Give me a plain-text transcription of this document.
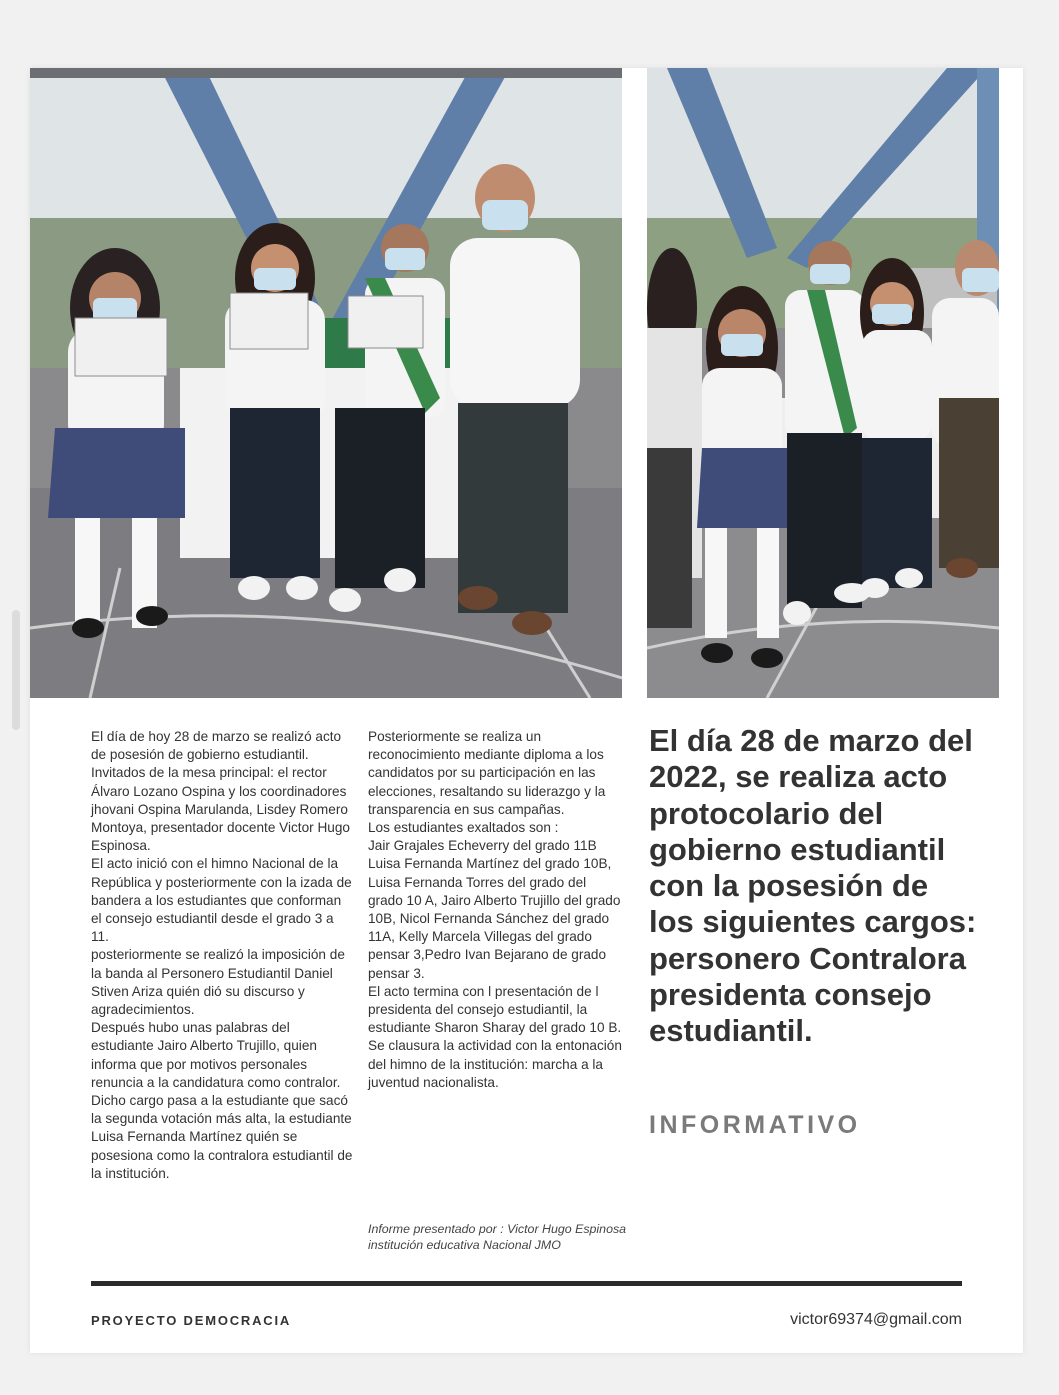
El día de hoy 28 de marzo se realizó acto de posesión de gobierno estudiantil. Invitados de la mesa principal: el rector Álvaro Lozano Ospina y los coordinadores jhovani Ospina Marulanda, Lisdey Romero Montoya, presentador docente Victor Hugo Espinosa.

El acto inició con el himno Nacional de la República y posteriormente con la izada de bandera a los estudiantes que conforman el consejo estudiantil desde el grado 3 a 11.

posteriormente se realizó la imposición de la banda al Personero Estudiantil Daniel Stiven Ariza quién dió su discurso y agradecimientos.

Después hubo unas palabras del estudiante Jairo Alberto Trujillo, quien informa que por motivos personales renuncia a la candidatura como contralor. Dicho cargo pasa a la estudiante que sacó la segunda votación más alta, la estudiante Luisa Fernanda Martínez quién se posesiona como la contralora estudiantil de la institución.

Posteriormente se realiza un reconocimiento mediante diploma a los candidatos por su participación en las elecciones, resaltando su liderazgo y la transparencia en sus campañas.

Los estudiantes exaltados son :

Jair Grajales Echeverry del grado 11B Luisa Fernanda Martínez del grado 10B, Luisa Fernanda Torres del grado del grado 10 A, Jairo Alberto Trujillo del grado 10B, Nicol Fernanda Sánchez del grado 11A, Kelly Marcela Villegas del grado pensar 3,Pedro Ivan Bejarano de grado pensar 3.

El acto termina con l presentación de l presidenta del consejo estudiantil, la estudiante Sharon Sharay del grado 10 B. Se clausura la actividad con la entonación del himno de la institución: marcha a la juventud nacionalista.

Informe presentado por : Victor Hugo Espinosa institución educativa Nacional JMO
El día 28 de marzo del 2022, se realiza acto protocolario del gobierno estudiantil con la posesión de los siguientes cargos: personero Contralora presidenta consejo estudiantil.
INFORMATIVO
PROYECTO DEMOCRACIA	victor69374@gmail.com
